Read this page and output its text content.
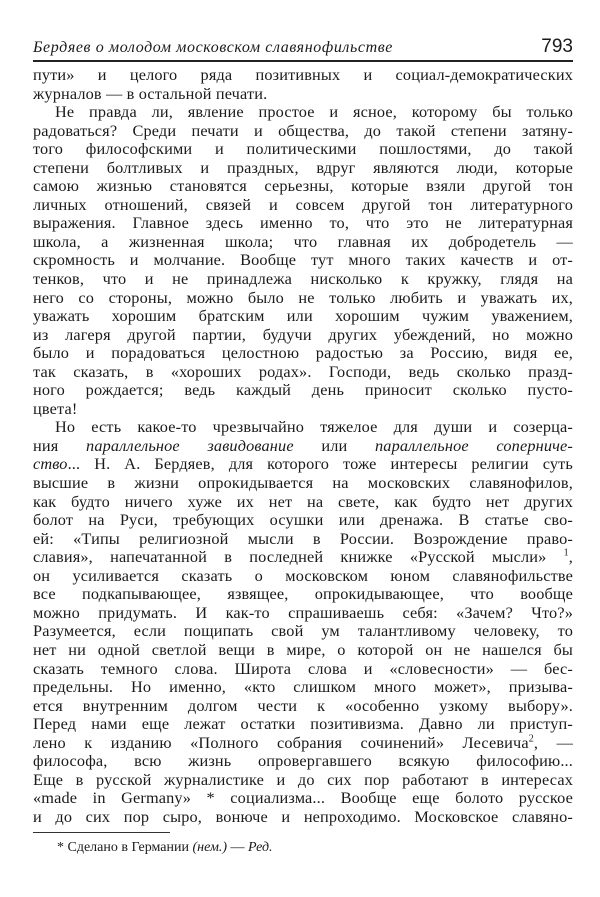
Бердяев о молодом московском славянофильстве	793
пути» и целого ряда позитивных и социал-демократических
журналов — в остальной печати.
Не правда ли, явление простое и ясное, которому бы только
радоваться? Среди печати и общества, до такой степени затяну-
того философскими и политическими пошлостями, до такой
степени болтливых и праздных, вдруг являются люди, которые
самою жизнью становятся серьезны, которые взяли другой тон
личных отношений, связей и совсем другой тон литературного
выражения. Главное здесь именно то, что это не литературная
школа, а жизненная школа; что главная их добродетель —
скромность и молчание. Вообще тут много таких качеств и от-
тенков, что и не принадлежа нисколько к кружку, глядя на
него со стороны, можно было не только любить и уважать их,
уважать хорошим братским или хорошим чужим уважением,
из лагеря другой партии, будучи других убеждений, но можно
было и порадоваться целостною радостью за Россию, видя ее,
так сказать, в «хороших родах». Господи, ведь сколько празд-
ного рождается; ведь каждый день приносит сколько пусто-
цвета!
Но есть какое-то чрезвычайно тяжелое для души и созерца-
ния параллельное завидование или параллельное соперниче-
ство... Н. А. Бердяев, для которого тоже интересы религии суть
высшие в жизни опрокидывается на московских славянофилов,
как будто ничего хуже их нет на свете, как будто нет других
болот на Руси, требующих осушки или дренажа. В статье сво-
ей: «Типы религиозной мысли в России. Возрождение право-
славия», напечатанной в последней книжке «Русской мысли» $^1$,
он усиливается сказать о московском юном славянофильстве
все подкапывающее, язвящее, опрокидывающее, что вообще
можно придумать. И как-то спрашиваешь себя: «Зачем? Что?»
Разумеется, если пощипать свой ум талантливому человеку, то
нет ни одной светлой вещи в мире, о которой он не нашелся бы
сказать темного слова. Широта слова и «словесности» — бес-
предельны. Но именно, «кто слишком много может», призыва-
ется внутренним долгом чести к «особенно узкому выбору».
Перед нами еще лежат остатки позитивизма. Давно ли приступ-
лено к изданию «Полного собрания сочинений» Лесевича$^2$, —
философа, всю жизнь опровергавшего всякую философию...
Еще в русской журналистике и до сих пор работают в интересах
«made in Germany» * социализма... Вообще еще болото русское
и до сих пор сыро, вонюче и непроходимо. Московское славяно-
* Сделано в Германии (нем.) — Ред.
